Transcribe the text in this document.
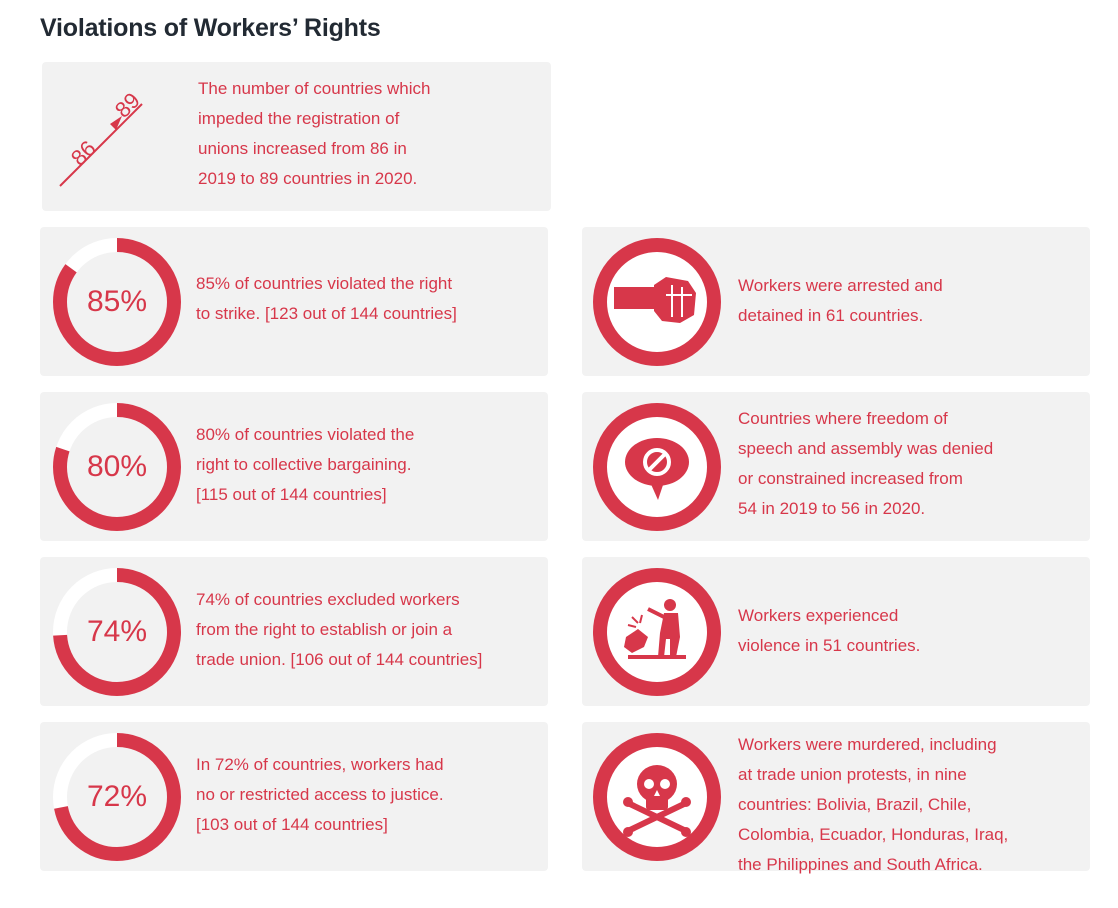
Violations of Workers’ Rights
86
89	The number of countries which
impeded the registration of
unions increased from 86 in
2019 to 89 countries in 2020.
85%
85% of countries violated the right
to strike. [123 out of 144 countries]
80%
80% of countries violated the
right to collective bargaining.
[115 out of 144 countries]
74%
74% of countries excluded workers
from the right to establish or join a
trade union. [106 out of 144 countries]
72%
In 72% of countries, workers had
no or restricted access to justice.
[103 out of 144 countries]
Workers were arrested and
detained in 61 countries.
Countries where freedom of
speech and assembly was denied
or constrained increased from
54 in 2019 to 56 in 2020.
Workers experienced
violence in 51 countries.
Workers were murdered, including
at trade union protests, in nine
countries: Bolivia, Brazil, Chile,
Colombia, Ecuador, Honduras, Iraq,
the Philippines and South Africa.
